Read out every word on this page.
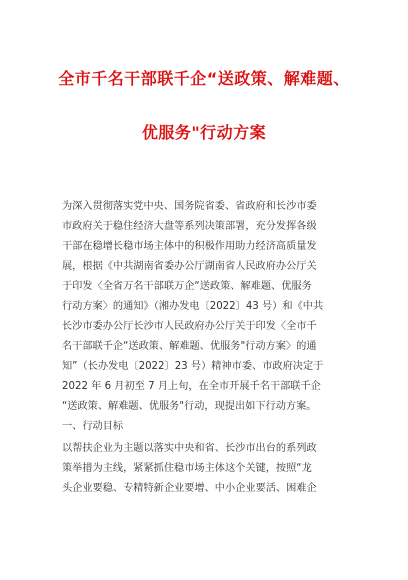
全市千名干部联千企“送政策、解难题、
优服务"行动方案
为深入贯彻落实党中央、国务院省委、省政府和长沙市委
市政府关于稳住经济大盘等系列决策部署，充分发挥各级
干部在稳增长稳市场主体中的积极作用助力经济高质量发
展，根据《中共湖南省委办公厅湖南省人民政府办公厅关
于印发〈全省万名干部联万企“送政策、解难题、优服务
行动方案〉的通知》（湘办发电〔2022〕43 号）和《中共
长沙市委办公厅长沙市人民政府办公厅关于印发〈全市千
名干部联千企“送政策、解难题、优服务"行动方案〉的通
知”（长办发电〔2022〕23 号）精神市委、市政府决定于
2022 年 6 月初至 7 月上旬，在全市开展千名干部联千企
“送政策、解难题、优服务"行动，现提出如下行动方案。
一、行动目标
以帮扶企业为主题以落实中央和省、长沙市出台的系列政
策举措为主线，紧紧抓住稳市场主体这个关键，按照“龙
头企业要稳、专精特新企业要增、中小企业要活、困难企
